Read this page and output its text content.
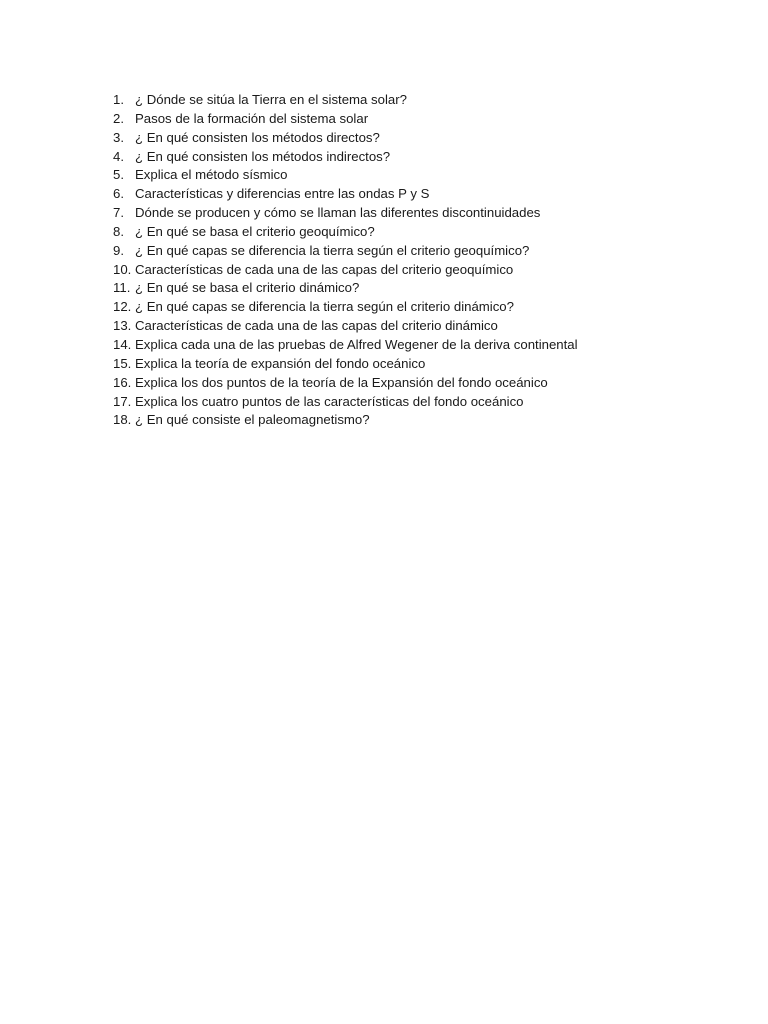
1. ¿ Dónde se sitúa la Tierra en el sistema solar?
2. Pasos de la formación del sistema solar
3. ¿ En qué consisten los métodos directos?
4. ¿ En qué consisten los métodos indirectos?
5. Explica el método sísmico
6. Características y diferencias entre las ondas P y S
7. Dónde se producen y cómo se llaman las diferentes discontinuidades
8. ¿ En qué se basa el criterio geoquímico?
9. ¿ En qué capas se diferencia la tierra según el criterio geoquímico?
10. Características de cada una de las capas del criterio geoquímico
11. ¿ En qué se basa el criterio dinámico?
12. ¿ En qué capas se diferencia la tierra según el criterio dinámico?
13. Características de cada una de las capas del criterio dinámico
14. Explica cada una de las pruebas de Alfred Wegener de la deriva continental
15. Explica la teoría de expansión del fondo oceánico
16. Explica los dos puntos de la teoría de la Expansión del fondo oceánico
17. Explica los cuatro puntos de las características del fondo oceánico
18. ¿ En qué consiste el paleomagnetismo?
